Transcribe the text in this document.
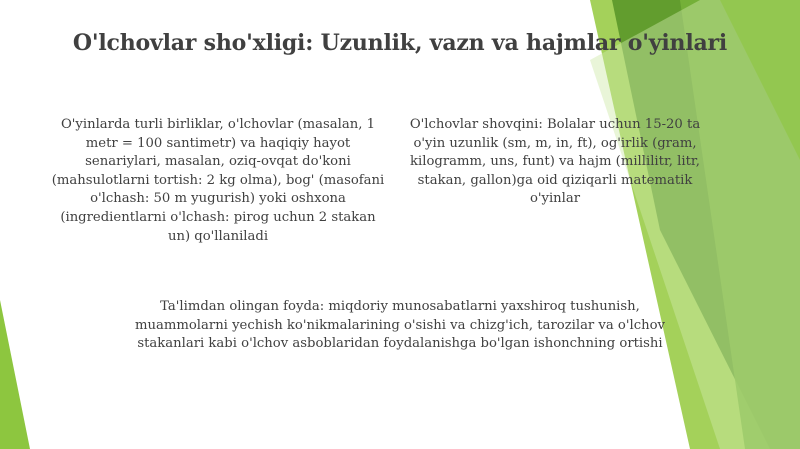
O'lchovlar sho'xligi: Uzunlik, vazn va hajmlar o'yinlari
O'yinlarda turli birliklar, o'lchovlar (masalan, 1 metr = 100 santimetr) va haqiqiy hayot senariylari, masalan, oziq-ovqat do'koni (mahsulotlarni tortish: 2 kg olma), bog' (masofani o'lchash: 50 m yugurish) yoki oshxona (ingredientlarni o'lchash: pirog uchun 2 stakan un) qo'llaniladi
O'lchovlar shovqini: Bolalar uchun 15-20 ta o'yin uzunlik (sm, m, in, ft), og'irlik (gram, kilogramm, uns, funt) va hajm (millilitr, litr, stakan, gallon)ga oid qiziqarli matematik o'yinlar
Ta'limdan olingan foyda: miqdoriy munosabatlarni yaxshiroq tushunish, muammolarni yechish ko'nikmalarining o'sishi va chizg'ich, tarozilar va o'lchov stakanlari kabi o'lchov asboblaridan foydalanishga bo'lgan ishonchning ortishi
